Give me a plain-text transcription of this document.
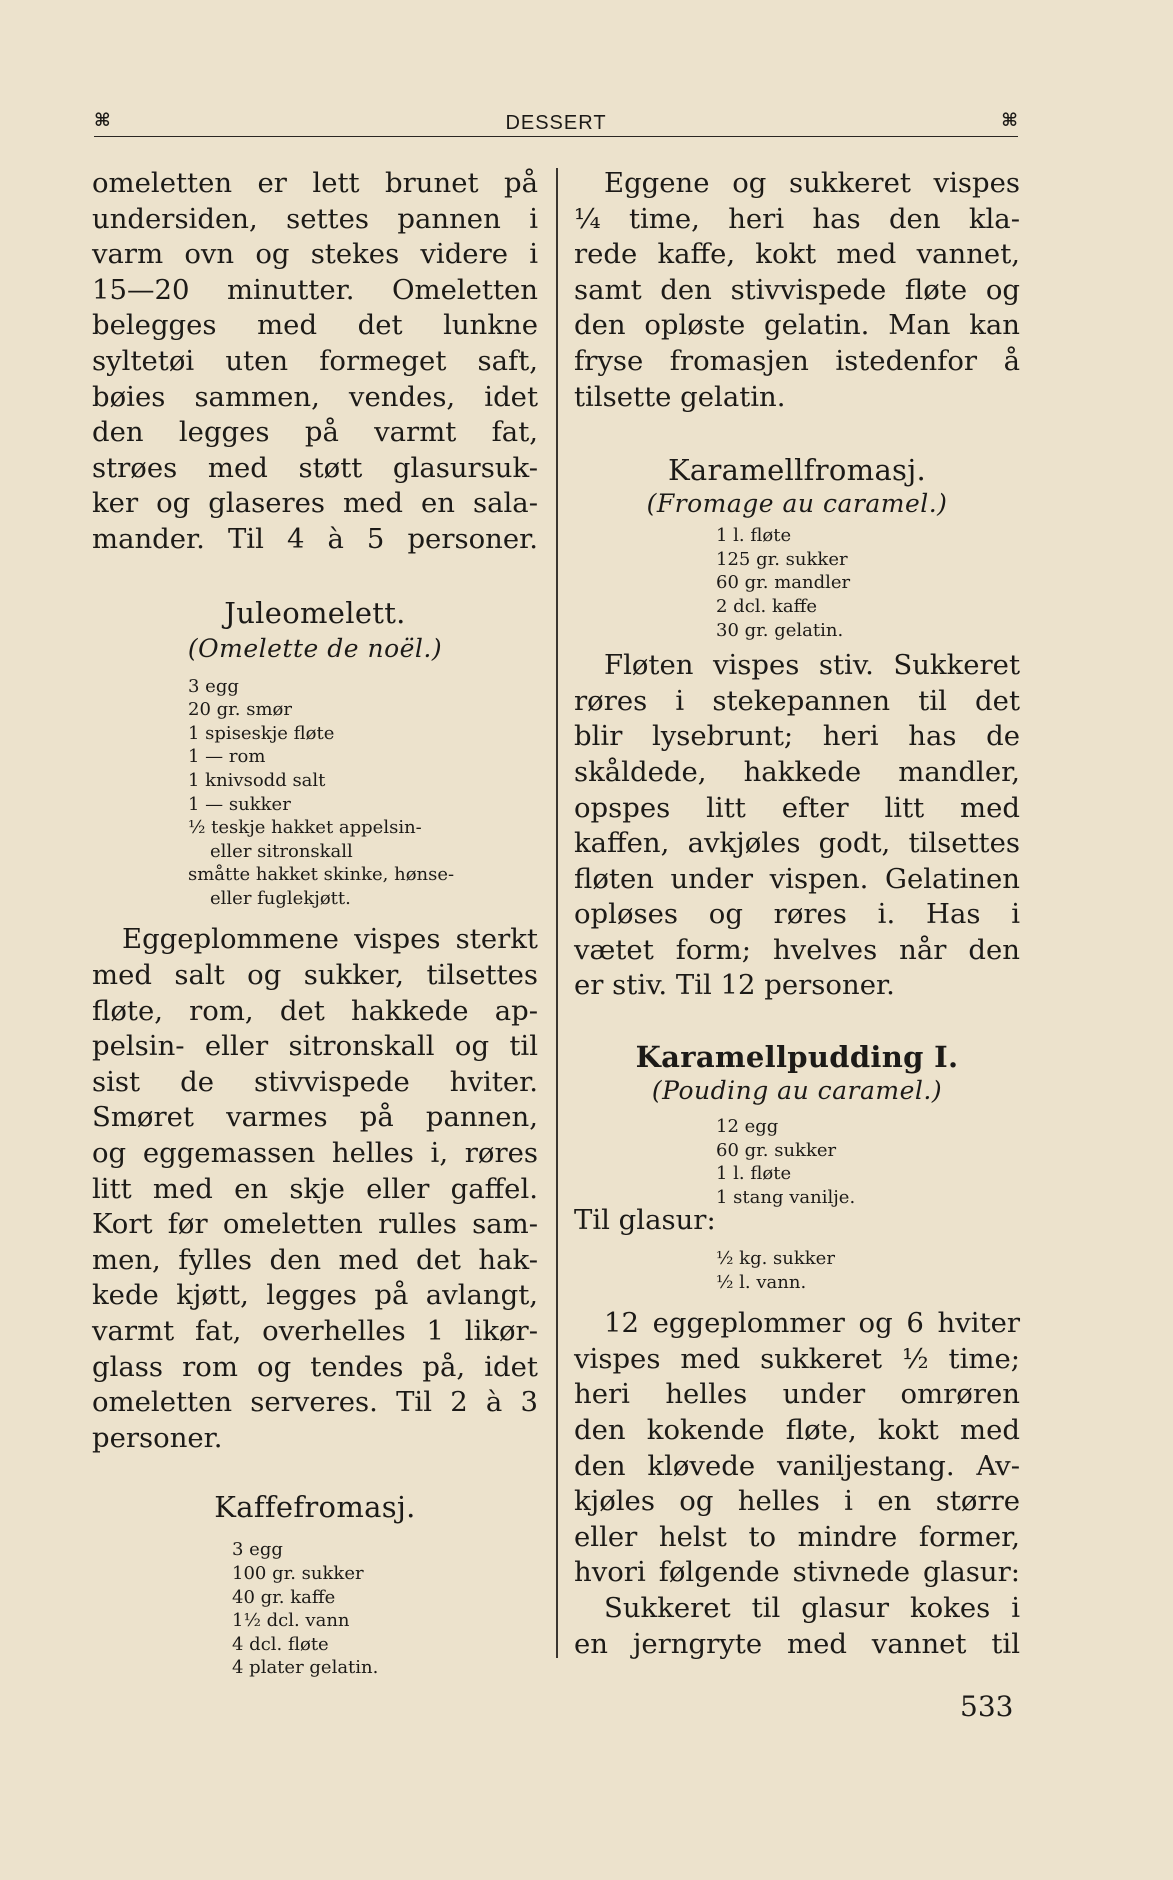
⌘	DESSERT	⌘
omeletten er lett brunet på
undersiden, settes pannen i
varm ovn og stekes videre i
15—20 minutter. Omeletten
belegges med det lunkne
syltetøi uten formeget saft,
bøies sammen, vendes, idet
den legges på varmt fat,
strøes med støtt glasursuk-
ker og glaseres med en sala-
mander. Til 4 à 5 personer.
Juleomelett.
(Omelette de noël.)
3 egg
20 gr. smør
1 spiseskje fløte
1 — rom
1 knivsodd salt
1 — sukker
½ teskje hakket appelsin-
eller sitronskall
småtte hakket skinke, hønse-
eller fuglekjøtt.
Eggeplommene vispes sterkt
med salt og sukker, tilsettes
fløte, rom, det hakkede ap-
pelsin- eller sitronskall og til
sist de stivvispede hviter.
Smøret varmes på pannen,
og eggemassen helles i, røres
litt med en skje eller gaffel.
Kort før omeletten rulles sam-
men, fylles den med det hak-
kede kjøtt, legges på avlangt,
varmt fat, overhelles 1 likør-
glass rom og tendes på, idet
omeletten serveres. Til 2 à 3
personer.
Kaffefromasj.
3 egg
100 gr. sukker
40 gr. kaffe
1½ dcl. vann
4 dcl. fløte
4 plater gelatin.
Eggene og sukkeret vispes
¼ time, heri has den kla-
rede kaffe, kokt med vannet,
samt den stivvispede fløte og
den opløste gelatin. Man kan
fryse fromasjen istedenfor å
tilsette gelatin.
Karamellfromasj.
(Fromage au caramel.)
1 l. fløte
125 gr. sukker
60 gr. mandler
2 dcl. kaffe
30 gr. gelatin.
Fløten vispes stiv. Sukkeret
røres i stekepannen til det
blir lysebrunt; heri has de
skåldede, hakkede mandler,
opspes litt efter litt med
kaffen, avkjøles godt, tilsettes
fløten under vispen. Gelatinen
opløses og røres i. Has i
vætet form; hvelves når den
er stiv. Til 12 personer.
Karamellpudding I.
(Pouding au caramel.)
12 egg
60 gr. sukker
1 l. fløte
1 stang vanilje.
Til glasur:
½ kg. sukker
½ l. vann.
12 eggeplommer og 6 hviter
vispes med sukkeret ½ time;
heri helles under omrøren
den kokende fløte, kokt med
den kløvede vaniljestang. Av-
kjøles og helles i en større
eller helst to mindre former,
hvori følgende stivnede glasur:
Sukkeret til glasur kokes i
en jerngryte med vannet til
533
